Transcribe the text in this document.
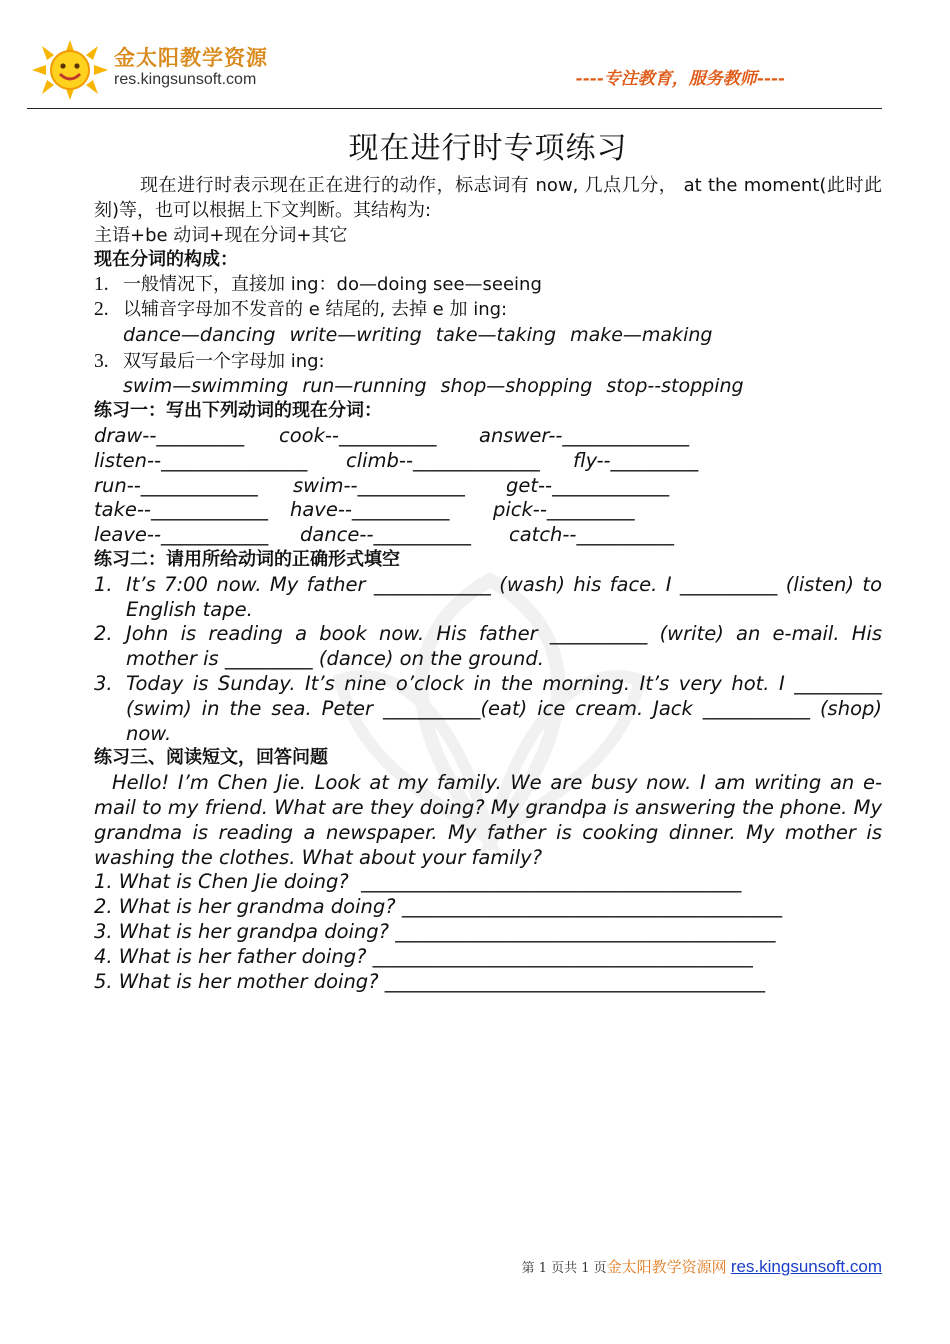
金太阳教学资源
res.kingsunsoft.com	----专注教育，服务教师----
现在进行时专项练习

现在进行时表示现在正在进行的动作，标志词有 now, 几点几分， at the moment(此时此刻)等，也可以根据上下文判断。其结构为:

主语+be 动词+现在分词+其它

现在分词的构成：
1. 一般情况下，直接加 ing：do—doing see—seeing
2. 以辅音字母加不发音的 e 结尾的, 去掉 e 加 ing:
dance—dancing write—writing take—taking make—making
3. 双写最后一个字母加 ing:
swim—swimming run—running shop—shopping stop--stopping
练习一：写出下列动词的现在分词：
draw--_________	cook--__________	answer--_____________
listen--_______________	climb--_____________	fly--_________
run--____________	swim--___________	get--____________
take--____________	have--__________	pick--_________
leave--___________	dance--__________	catch--__________
练习二：请用所给动词的正确形式填空
1. It’s 7:00 now. My father ____________ (wash) his face. I __________ (listen) to English tape.
2. John is reading a book now. His father __________ (write) an e-mail. His mother is _________ (dance) on the ground.
3. Today is Sunday. It’s nine o’clock in the morning. It’s very hot. I _________ (swim) in the sea. Peter __________(eat) ice cream. Jack ___________ (shop) now.
练习三、阅读短文，回答问题

Hello! I’m Chen Jie. Look at my family. We are busy now. I am writing an e-mail to my friend. What are they doing? My grandpa is answering the phone. My grandma is reading a newspaper. My father is cooking dinner. My mother is washing the clothes. What about your family?

1. What is Chen Jie doing?  _______________________________________
2. What is her grandma doing? _______________________________________
3. What is her grandpa doing? _______________________________________
4. What is her father doing? _______________________________________
5. What is her mother doing? _______________________________________
第 1 页共 1 页金太阳教学资源网 res.kingsunsoft.com
